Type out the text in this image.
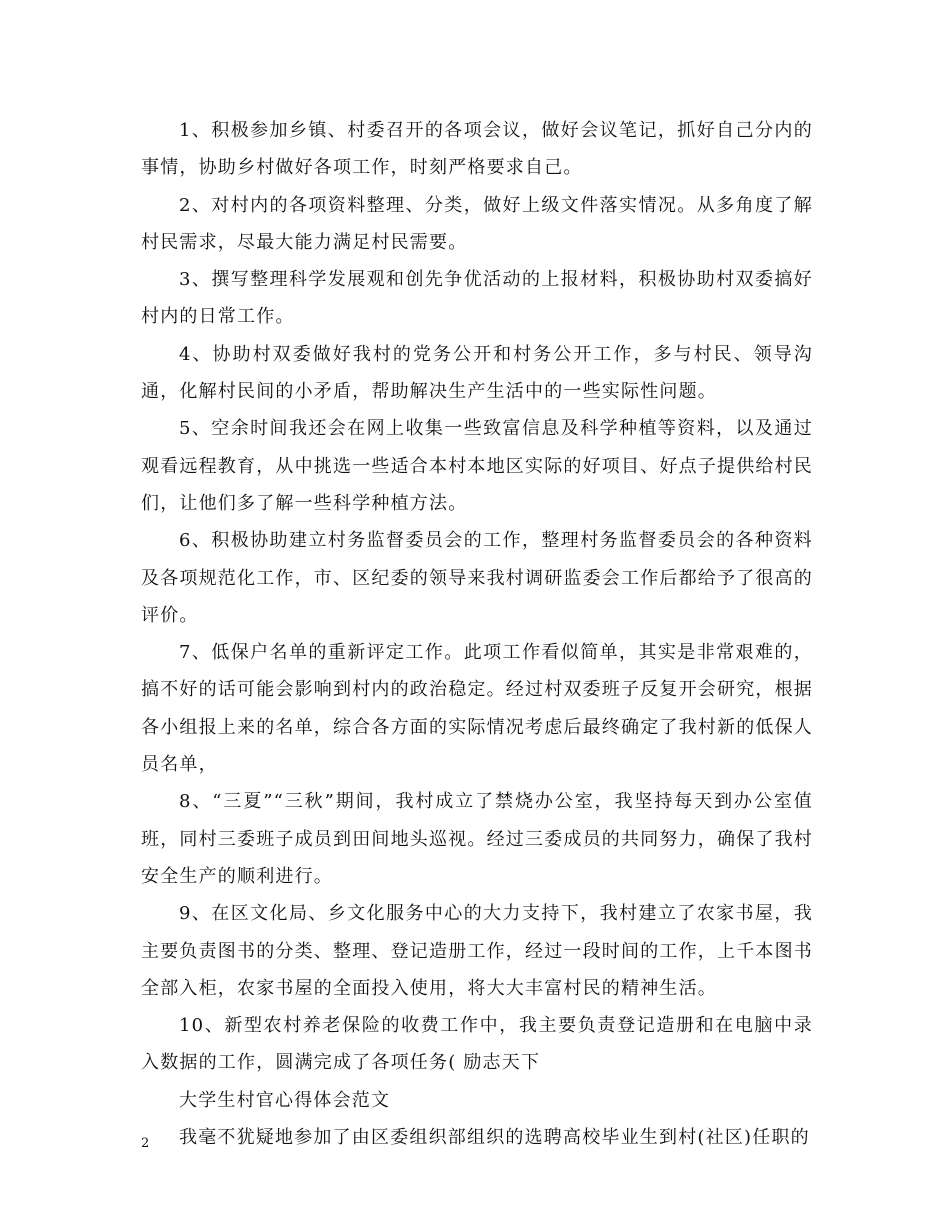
1、积极参加乡镇、村委召开的各项会议，做好会议笔记，抓好自己分内的事情，协助乡村做好各项工作，时刻严格要求自己。

2、对村内的各项资料整理、分类，做好上级文件落实情况。从多角度了解村民需求，尽最大能力满足村民需要。

3、撰写整理科学发展观和创先争优活动的上报材料，积极协助村双委搞好村内的日常工作。

4、协助村双委做好我村的党务公开和村务公开工作，多与村民、领导沟通，化解村民间的小矛盾，帮助解决生产生活中的一些实际性问题。

5、空余时间我还会在网上收集一些致富信息及科学种植等资料，以及通过观看远程教育，从中挑选一些适合本村本地区实际的好项目、好点子提供给村民们，让他们多了解一些科学种植方法。

6、积极协助建立村务监督委员会的工作，整理村务监督委员会的各种资料及各项规范化工作，市、区纪委的领导来我村调研监委会工作后都给予了很高的评价。

7、低保户名单的重新评定工作。此项工作看似简单，其实是非常艰难的，搞不好的话可能会影响到村内的政治稳定。经过村双委班子反复开会研究，根据各小组报上来的名单，综合各方面的实际情况考虑后最终确定了我村新的低保人员名单，

8、“三夏”“三秋”期间，我村成立了禁烧办公室，我坚持每天到办公室值班，同村三委班子成员到田间地头巡视。经过三委成员的共同努力，确保了我村安全生产的顺利进行。

9、在区文化局、乡文化服务中心的大力支持下，我村建立了农家书屋，我主要负责图书的分类、整理、登记造册工作，经过一段时间的工作，上千本图书全部入柜，农家书屋的全面投入使用，将大大丰富村民的精神生活。

10、新型农村养老保险的收费工作中，我主要负责登记造册和在电脑中录入数据的工作，圆满完成了各项任务( 励志天下

大学生村官心得体会范文

我毫不犹疑地参加了由区委组织部组织的选聘高校毕业生到村(社区)任职的

2
